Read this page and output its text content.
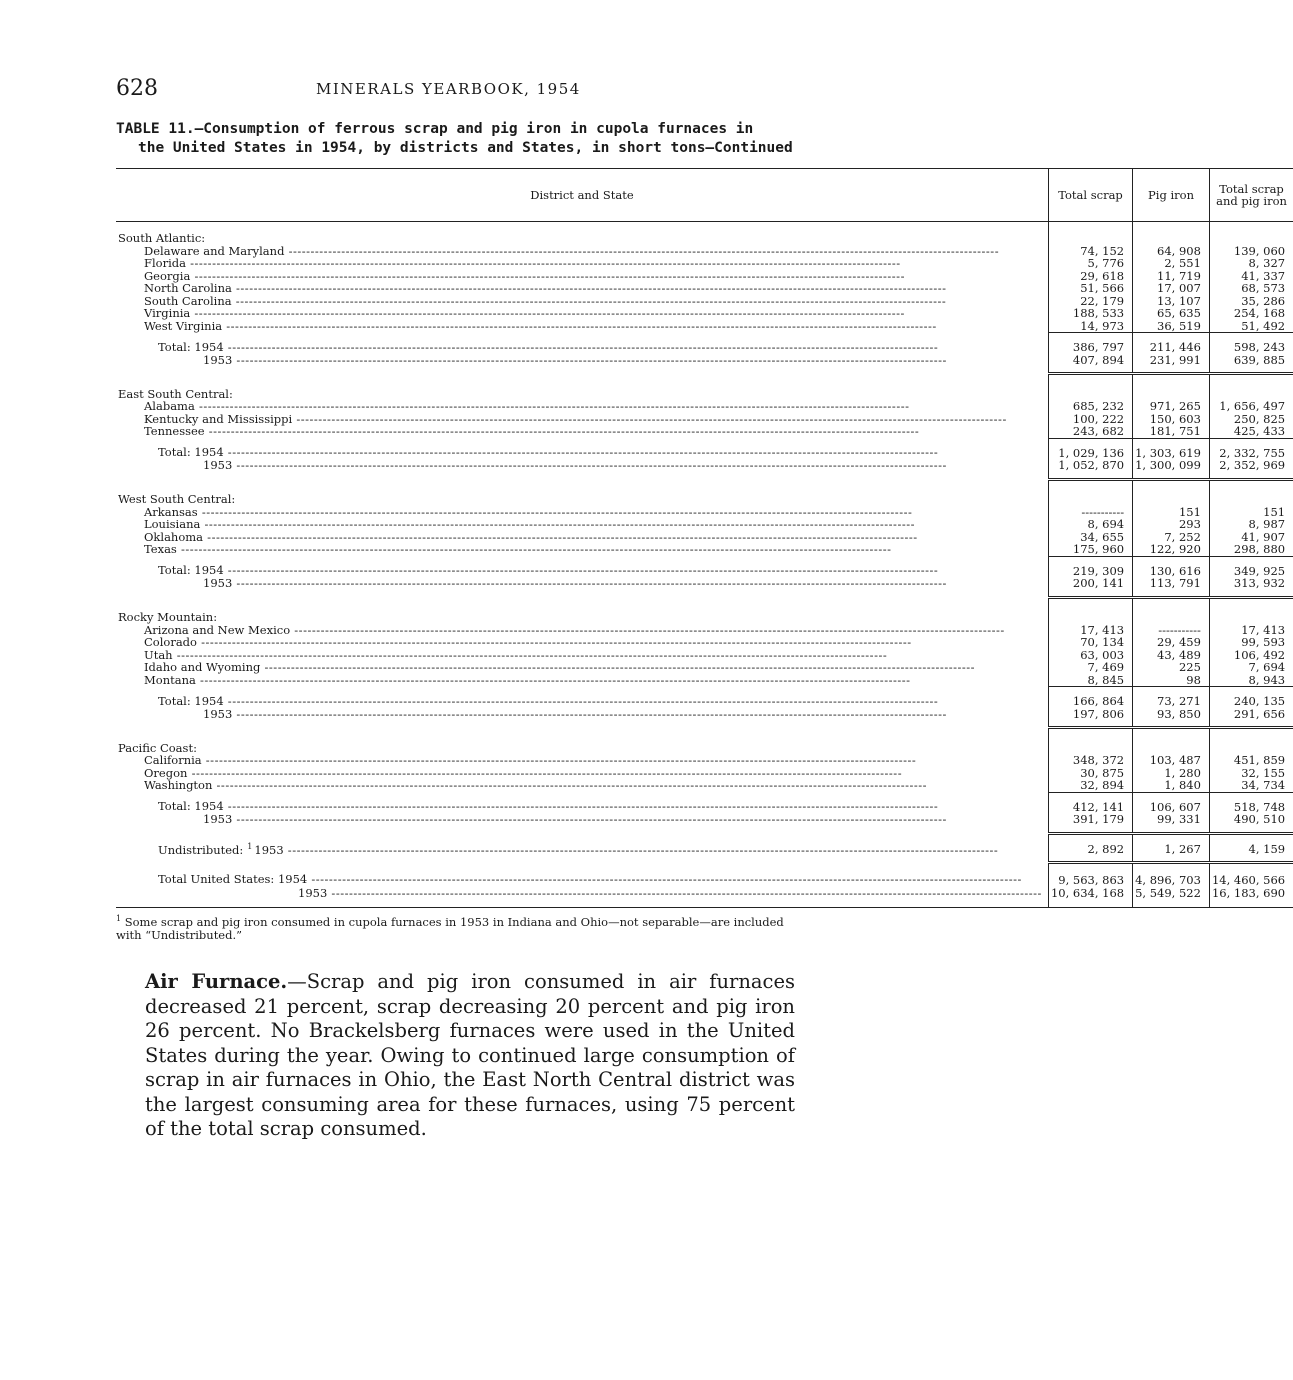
628	MINERALS YEARBOOK, 1954
TABLE 11.—Consumption of ferrous scrap and pig iron in cupola furnaces in
the United States in 1954, by districts and States, in short tons—Continued
District and State	Total scrap	Pig iron	Total scrap and pig iron
South Atlantic:			

Delaware and Maryland -----	74, 152	64, 908	139, 060

Florida -----	5, 776	2, 551	8, 327

Georgia -----	29, 618	11, 719	41, 337

North Carolina -----	51, 566	17, 007	68, 573

South Carolina -----	22, 179	13, 107	35, 286

Virginia -----	188, 533	65, 635	254, 168

West Virginia -----	14, 973	36, 519	51, 492

Total: 1954 -----	386, 797	211, 446	598, 243

1953 -----	407, 894	231, 991	639, 885
East South Central:			

Alabama -----	685, 232	971, 265	1, 656, 497

Kentucky and Mississippi -----	100, 222	150, 603	250, 825

Tennessee -----	243, 682	181, 751	425, 433

Total: 1954 -----	1, 029, 136	1, 303, 619	2, 332, 755

1953 -----	1, 052, 870	1, 300, 099	2, 352, 969
West South Central:			

Arkansas -----	-----------	151	151

Louisiana -----	8, 694	293	8, 987

Oklahoma -----	34, 655	7, 252	41, 907

Texas -----	175, 960	122, 920	298, 880

Total: 1954 -----	219, 309	130, 616	349, 925

1953 -----	200, 141	113, 791	313, 932
Rocky Mountain:			

Arizona and New Mexico -----	17, 413	-----------	17, 413

Colorado -----	70, 134	29, 459	99, 593

Utah -----	63, 003	43, 489	106, 492

Idaho and Wyoming -----	7, 469	225	7, 694

Montana -----	8, 845	98	8, 943

Total: 1954 -----	166, 864	73, 271	240, 135

1953 -----	197, 806	93, 850	291, 656
Pacific Coast:			

California -----	348, 372	103, 487	451, 859

Oregon -----	30, 875	1, 280	32, 155

Washington -----	32, 894	1, 840	34, 734

Total: 1954 -----	412, 141	106, 607	518, 748

1953 -----	391, 179	99, 331	490, 510

Undistributed: $^1$ 1953 -----	2, 892	1, 267	4, 159

Total United States: 1954 -----	9, 563, 863	4, 896, 703	14, 460, 566

1953 -----	10, 634, 168	5, 549, 522	16, 183, 690
$^1$ Some scrap and pig iron consumed in cupola furnaces in 1953 in Indiana and Ohio—not separable—are included with “Undistributed.”
Air Furnace.—Scrap and pig iron consumed in air furnaces decreased 21 percent, scrap decreasing 20 percent and pig iron 26 percent. No Brackelsberg furnaces were used in the United States during the year. Owing to continued large consumption of scrap in air furnaces in Ohio, the East North Central district was the largest consuming area for these furnaces, using 75 percent of the total scrap consumed.
